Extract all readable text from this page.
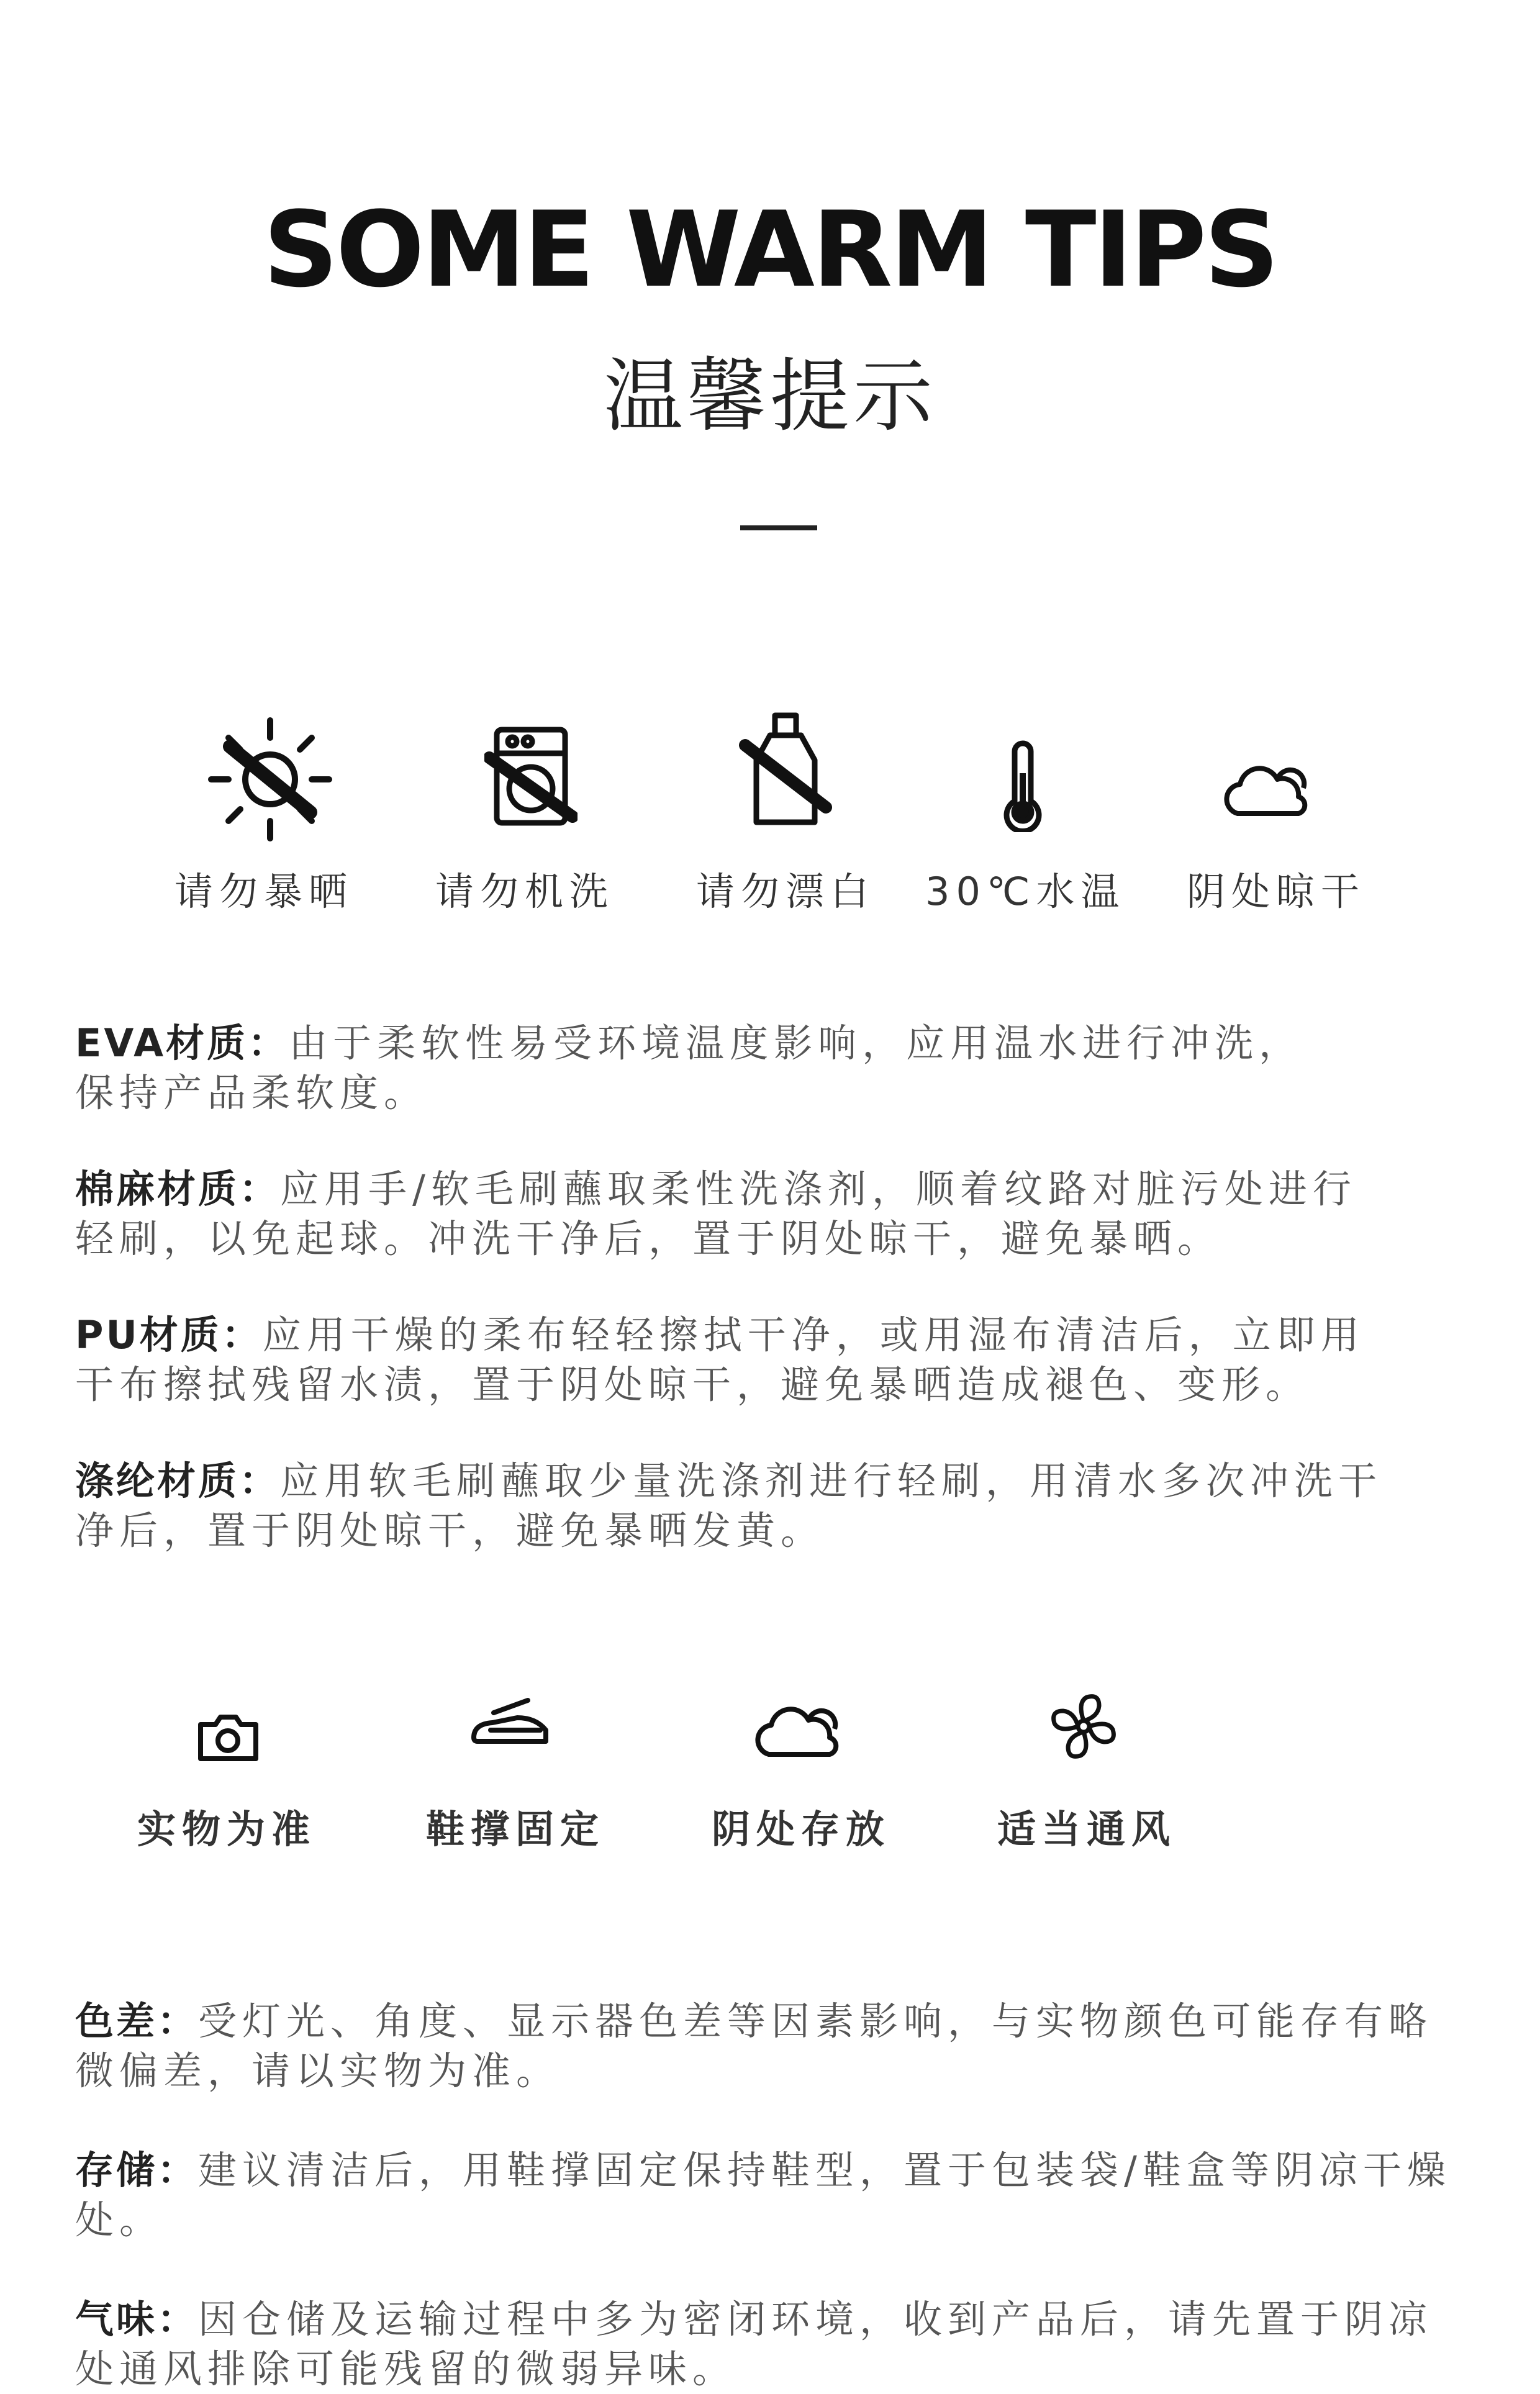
SOME WARM TIPS
温馨提示
请勿暴晒 请勿机洗 请勿漂白 30℃水温 阴处晾干
EVA材质：由于柔软性易受环境温度影响，应用温水进行冲洗，
保持产品柔软度。
棉麻材质：应用手/软毛刷蘸取柔性洗涤剂，顺着纹路对脏污处进行
轻刷，以免起球。冲洗干净后，置于阴处晾干，避免暴晒。
PU材质：应用干燥的柔布轻轻擦拭干净，或用湿布清洁后，立即用
干布擦拭残留水渍，置于阴处晾干，避免暴晒造成褪色、变形。
涤纶材质：应用软毛刷蘸取少量洗涤剂进行轻刷，用清水多次冲洗干
净后，置于阴处晾干，避免暴晒发黄。
实物为准	鞋撑固定	阴处存放	适当通风
色差：受灯光、角度、显示器色差等因素影响，与实物颜色可能存有略
微偏差，请以实物为准。
存储：建议清洁后，用鞋撑固定保持鞋型，置于包装袋/鞋盒等阴凉干燥
处。
气味：因仓储及运输过程中多为密闭环境，收到产品后，请先置于阴凉
处通风排除可能残留的微弱异味。
